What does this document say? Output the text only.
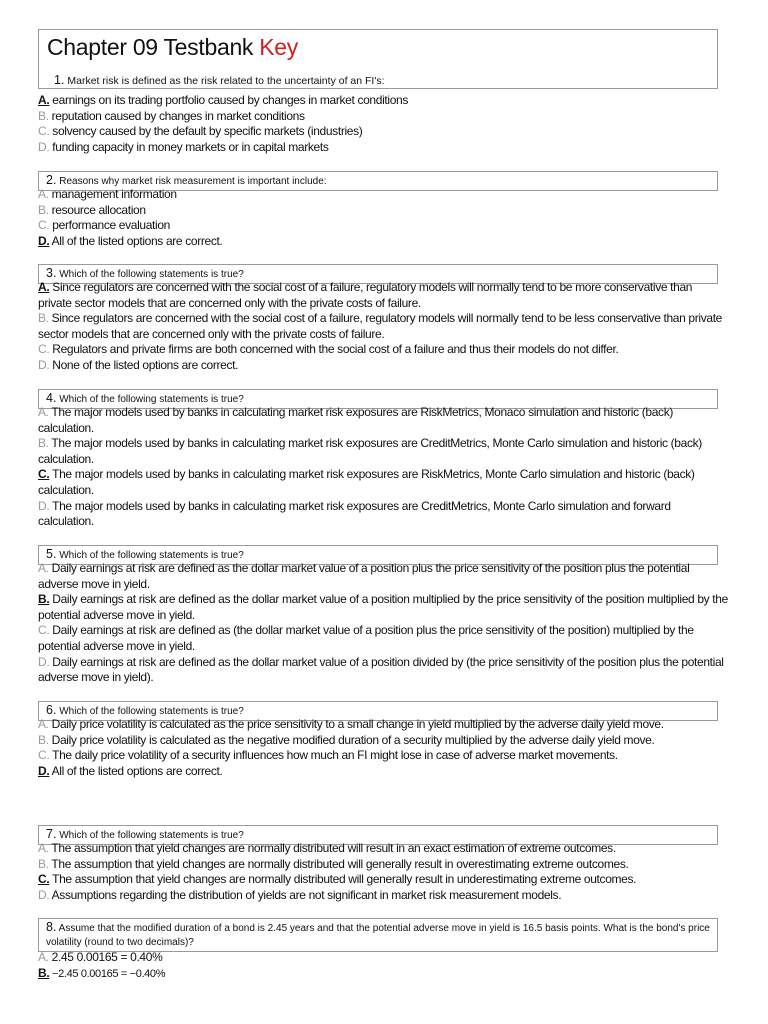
Chapter 09 Testbank Key
1. Market risk is defined as the risk related to the uncertainty of an FI's:

A. earnings on its trading portfolio caused by changes in market conditions

B. reputation caused by changes in market conditions

C. solvency caused by the default by specific markets (industries)

D. funding capacity in money markets or in capital markets

2. Reasons why market risk measurement is important include:

A. management information

B. resource allocation

C. performance evaluation

D. All of the listed options are correct.

3. Which of the following statements is true?

A. Since regulators are concerned with the social cost of a failure, regulatory models will normally tend to be more conservative than private sector models that are concerned only with the private costs of failure.

B. Since regulators are concerned with the social cost of a failure, regulatory models will normally tend to be less conservative than private sector models that are concerned only with the private costs of failure.

C. Regulators and private firms are both concerned with the social cost of a failure and thus their models do not differ.

D. None of the listed options are correct.

4. Which of the following statements is true?

A. The major models used by banks in calculating market risk exposures are RiskMetrics, Monaco simulation and historic (back) calculation.

B. The major models used by banks in calculating market risk exposures are CreditMetrics, Monte Carlo simulation and historic (back) calculation.

C. The major models used by banks in calculating market risk exposures are RiskMetrics, Monte Carlo simulation and historic (back) calculation.

D. The major models used by banks in calculating market risk exposures are CreditMetrics, Monte Carlo simulation and forward calculation.

5. Which of the following statements is true?

A. Daily earnings at risk are defined as the dollar market value of a position plus the price sensitivity of the position plus the potential adverse move in yield.

B. Daily earnings at risk are defined as the dollar market value of a position multiplied by the price sensitivity of the position multiplied by the potential adverse move in yield.

C. Daily earnings at risk are defined as (the dollar market value of a position plus the price sensitivity of the position) multiplied by the potential adverse move in yield.

D. Daily earnings at risk are defined as the dollar market value of a position divided by (the price sensitivity of the position plus the potential adverse move in yield).

6. Which of the following statements is true?

A. Daily price volatility is calculated as the price sensitivity to a small change in yield multiplied by the adverse daily yield move.

B. Daily price volatility is calculated as the negative modified duration of a security multiplied by the adverse daily yield move.

C. The daily price volatility of a security influences how much an FI might lose in case of adverse market movements.

D. All of the listed options are correct.

7. Which of the following statements is true?

A. The assumption that yield changes are normally distributed will result in an exact estimation of extreme outcomes.

B. The assumption that yield changes are normally distributed will generally result in overestimating extreme outcomes.

C. The assumption that yield changes are normally distributed will generally result in underestimating extreme outcomes.

D. Assumptions regarding the distribution of yields are not significant in market risk measurement models.

8. Assume that the modified duration of a bond is 2.45 years and that the potential adverse move in yield is 16.5 basis points. What is the bond's price volatility (round to two decimals)?

A. 2.45 0.00165 = 0.40%

B. −2.45 0.00165 = −0.40%
